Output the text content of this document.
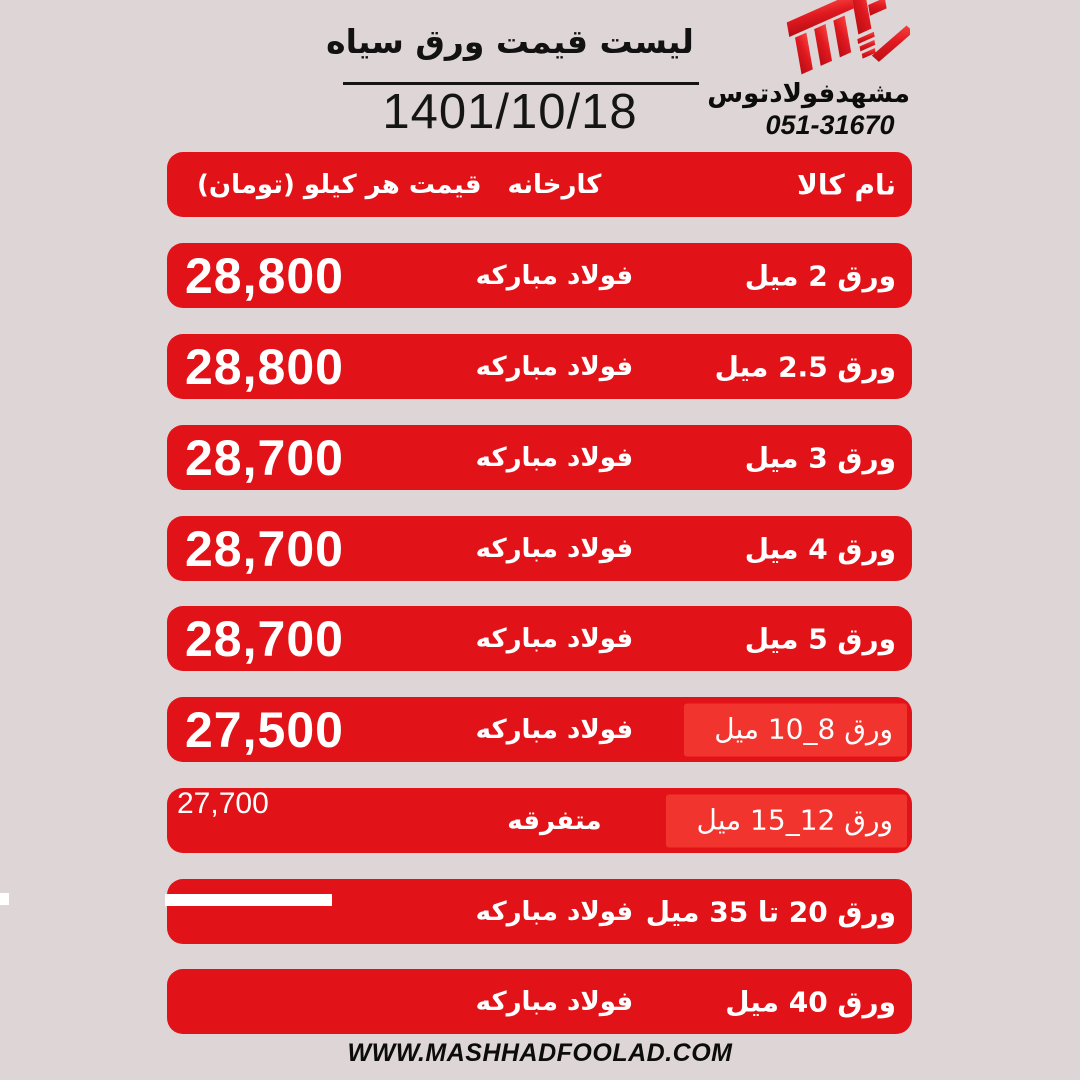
لیست قیمت ورق سیاه
1401/10/18	مشهدفولادتوس
051-31670
نام کالا
کارخانه
قیمت هر کیلو (تومان)
ورق 2 میل
فولاد مبارکه
28,800
ورق 2.5 میل
فولاد مبارکه
28,800
ورق 3 میل
فولاد مبارکه
28,700
ورق 4 میل
فولاد مبارکه
28,700
ورق 5 میل
فولاد مبارکه
28,700
ورق 8_10 میل
فولاد مبارکه
27,500
ورق 12_15 میل
متفرقه
27,700
ورق 20 تا 35 میل
فولاد مبارکه
ورق 40 میل
فولاد مبارکه
WWW.MASHHADFOOLAD.COM
